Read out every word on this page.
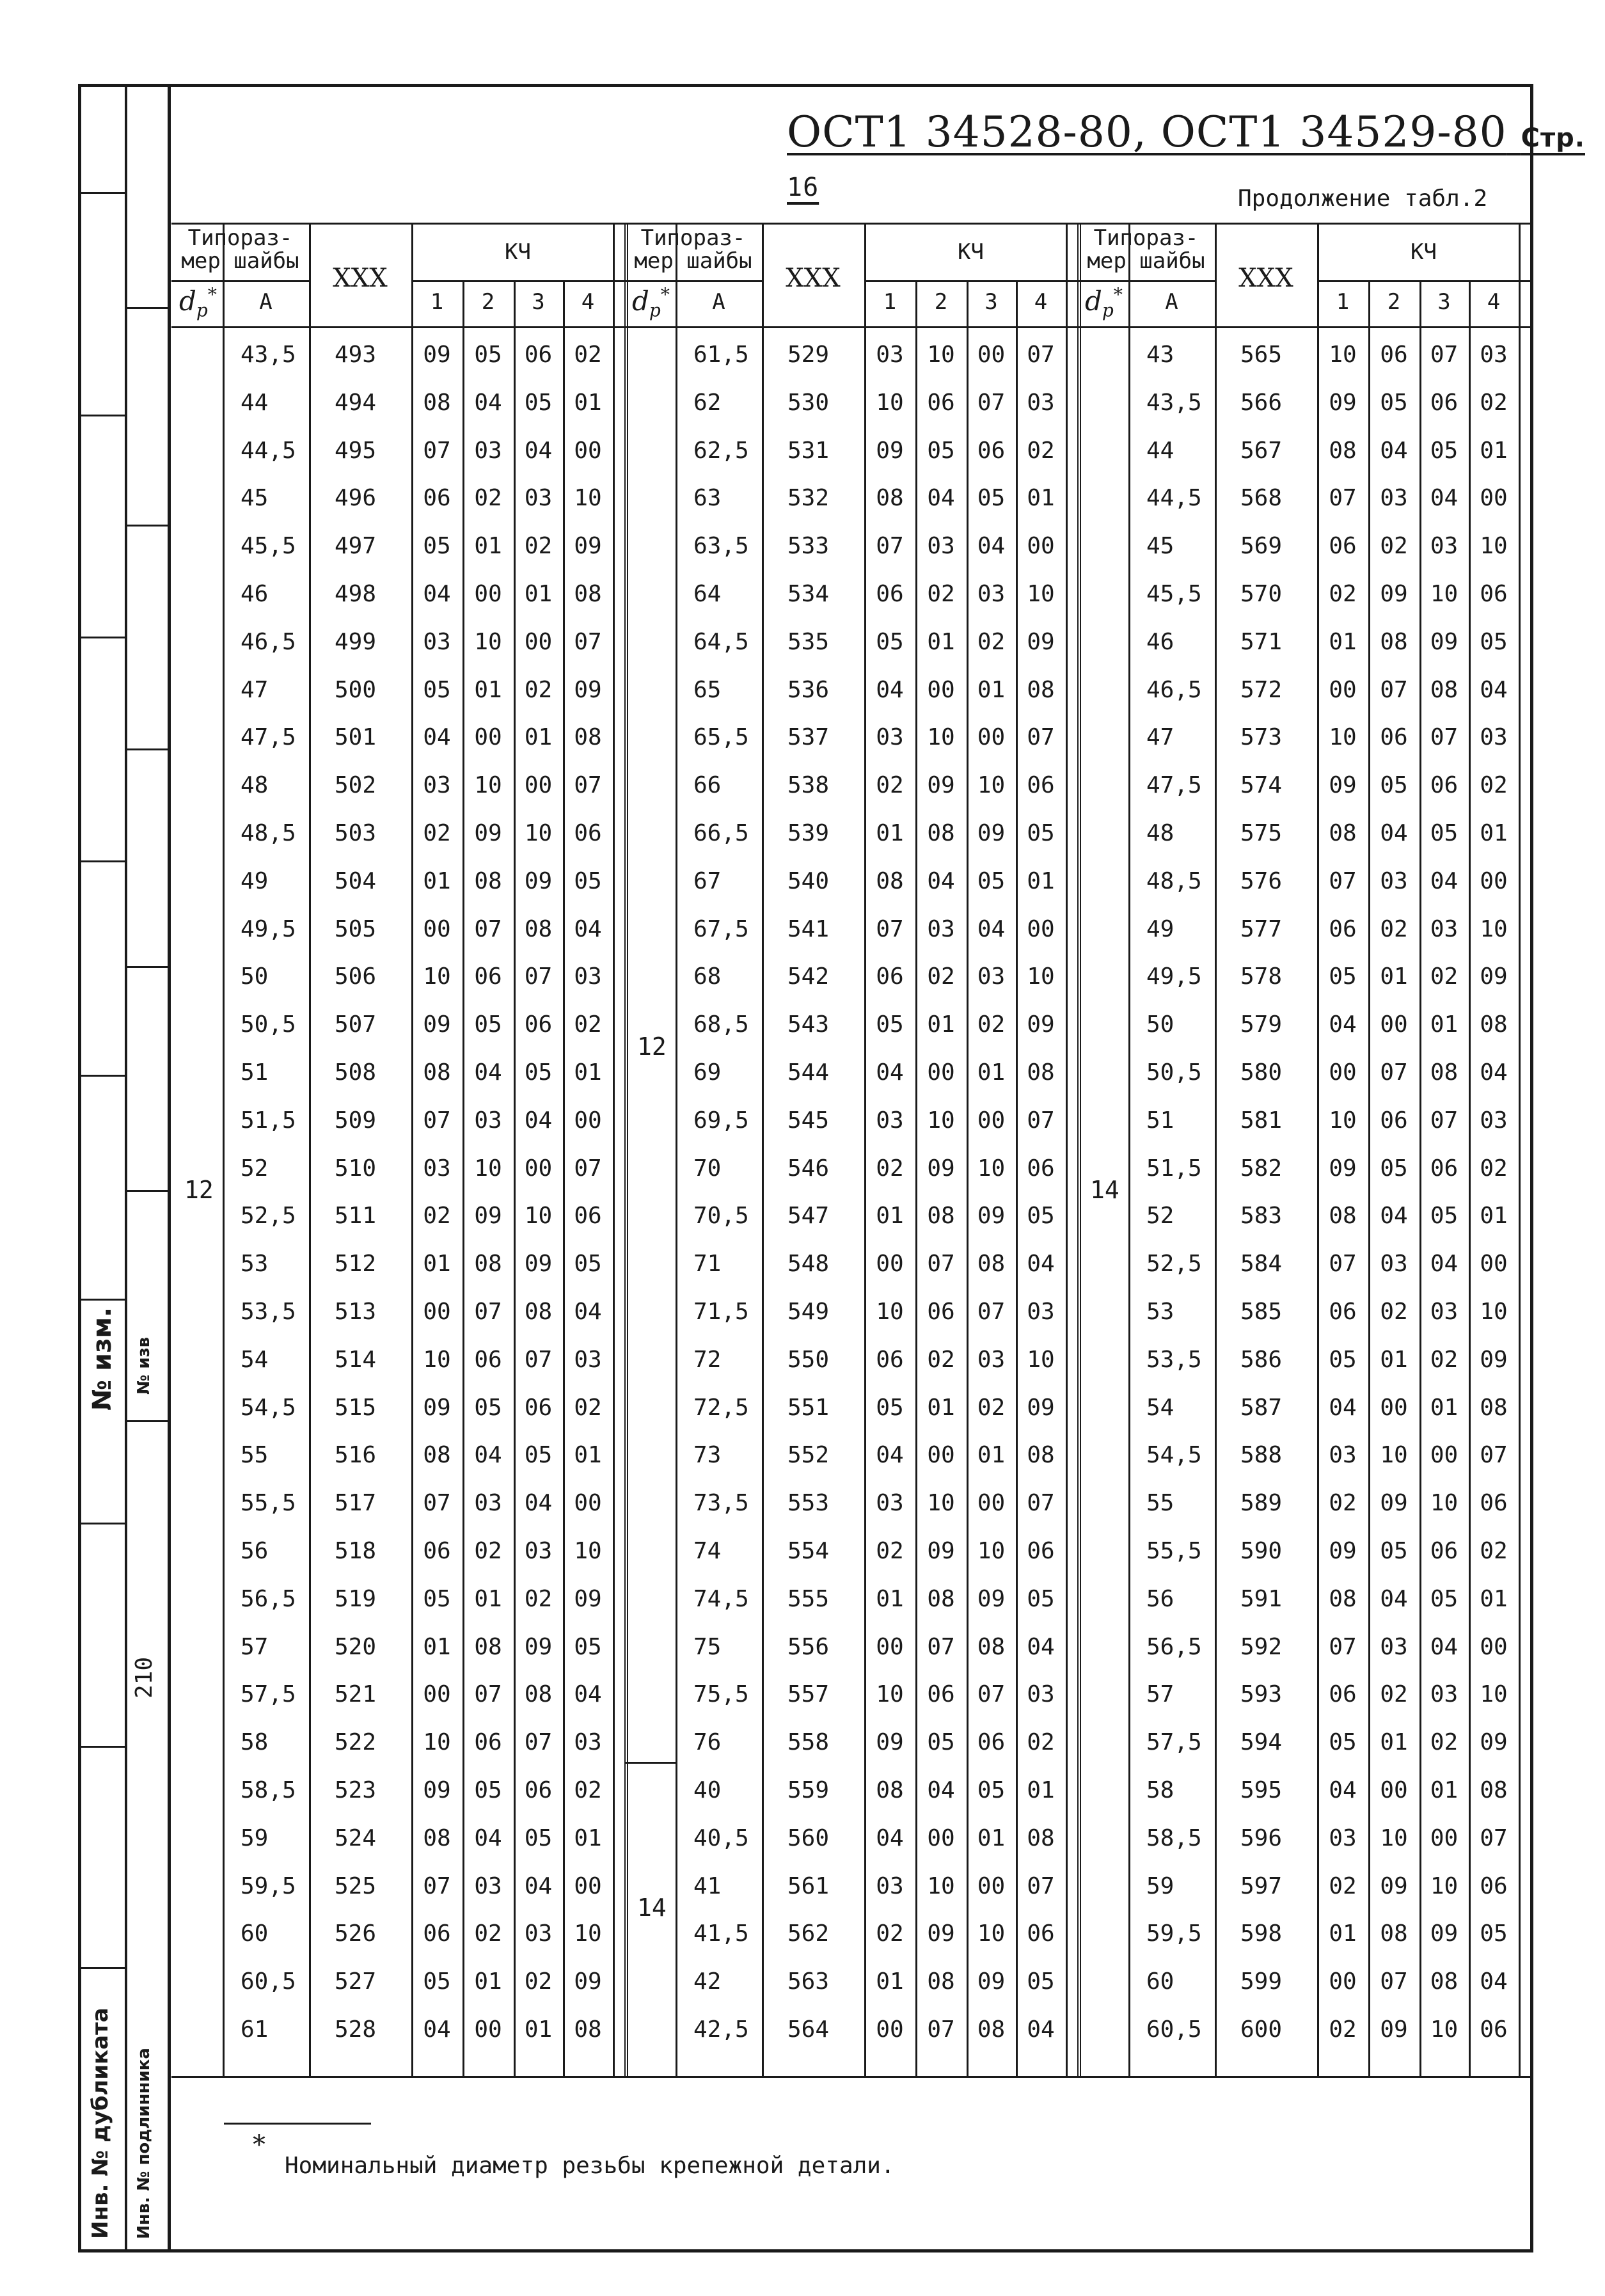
№ изм. № изв
210
Инв. № дубликата Инв. № подлинника
ОСТ1 34528-80, ОСТ1 34529-80 Стр. 16	Продолжение табл.2
Типораз- мер шайбы
XXX
КЧ
$d_p^*$	A	1	2	3	4
43,5	493	09	05 06 02
44	494	08	04 05 01
44,5	495	07	03 04 00
45	496	06	02 03 10
45,5	497	05	01 02 09
46	498	04	00 01 08
46,5	499	03	10 00 07
47	500	05	01 02 09
47,5	501	04	00 01 08
48	502	03	10 00 07
48,5	503	02	09 10 06
49	504	01	08 09 05
49,5	505	00	07 08 04
50	506	10	06 07 03
50,5	507	09	05 06 02
51	508	08	04 05 01
51,5	509	07	03 04 00
52	510	03	10 00 07
52,5	511	02	09 10 06
53	512	01	08 09 05
53,5	513	00	07 08 04
54	514	10	06 07 03
54,5	515	09	05 06 02
55	516	08	04 05 01
55,5	517	07	03 04 00
56	518	06	02 03 10
56,5	519	05	01 02 09
57	520	01	08 09 05
57,5	521	00	07 08 04
58	522	10	06 07 03
58,5	523	09	05 06 02
59	524	08	04 05 01
59,5	525	07	03 04 00
60	526	06	02 03 10
60,5	527	05	01 02 09
61	528	04	00 01 08
12
Типораз- мер шайбы
XXX
КЧ
$d_p^*$	A	1	2	3	4
61,5	529	03	10 00 07
62	530	10	06 07 03
62,5	531	09	05 06 02
63	532	08	04 05 01
63,5	533	07	03 04 00
64	534	06	02 03 10
64,5	535	05	01 02 09
65	536	04	00 01 08
65,5	537	03	10 00 07
66	538	02	09 10 06
66,5	539	01	08 09 05
67	540	08	04 05 01
67,5	541	07	03 04 00
68	542	06	02 03 10
68,5	543	05	01 02 09
69	544	04	00 01 08
69,5	545	03	10 00 07
70	546	02	09 10 06
70,5	547	01	08 09 05
71	548	00	07 08 04
71,5	549	10	06 07 03
72	550	06	02 03 10
72,5	551	05	01 02 09
73	552	04	00 01 08
73,5	553	03	10 00 07
74	554	02	09 10 06
74,5	555	01	08 09 05
75	556	00	07 08 04
75,5	557	10	06 07 03
76	558	09	05 06 02
40	559	08	04 05 01
40,5	560	04	00 01 08
41	561	03	10 00 07
41,5	562	02	09 10 06
42	563	01	08 09 05
42,5	564	00	07 08 04
12
14
Типораз- мер шайбы
XXX
КЧ
$d_p^*$	A	1	2	3	4
43	565	10	06 07 03
43,5	566	09	05 06 02
44	567	08	04 05 01
44,5	568	07	03 04 00
45	569	06	02 03 10
45,5	570	02	09 10 06
46	571	01	08 09 05
46,5	572	00	07 08 04
47	573	10	06 07 03
47,5	574	09	05 06 02
48	575	08	04 05 01
48,5	576	07	03 04 00
49	577	06	02 03 10
49,5	578	05	01 02 09
50	579	04	00 01 08
50,5	580	00	07 08 04
51	581	10	06 07 03
51,5	582	09	05 06 02
52	583	08	04 05 01
52,5	584	07	03 04 00
53	585	06	02 03 10
53,5	586	05	01 02 09
54	587	04	00 01 08
54,5	588	03	10 00 07
55	589	02	09 10 06
55,5	590	09	05 06 02
56	591	08	04 05 01
56,5	592	07	03 04 00
57	593	06	02 03 10
57,5	594	05	01 02 09
58	595	04	00 01 08
58,5	596	03	10 00 07
59	597	02	09 10 06
59,5	598	01	08 09 05
60	599	00	07 08 04
60,5	600	02	09 10 06
14
*
Номинальный диаметр резьбы крепежной детали.
